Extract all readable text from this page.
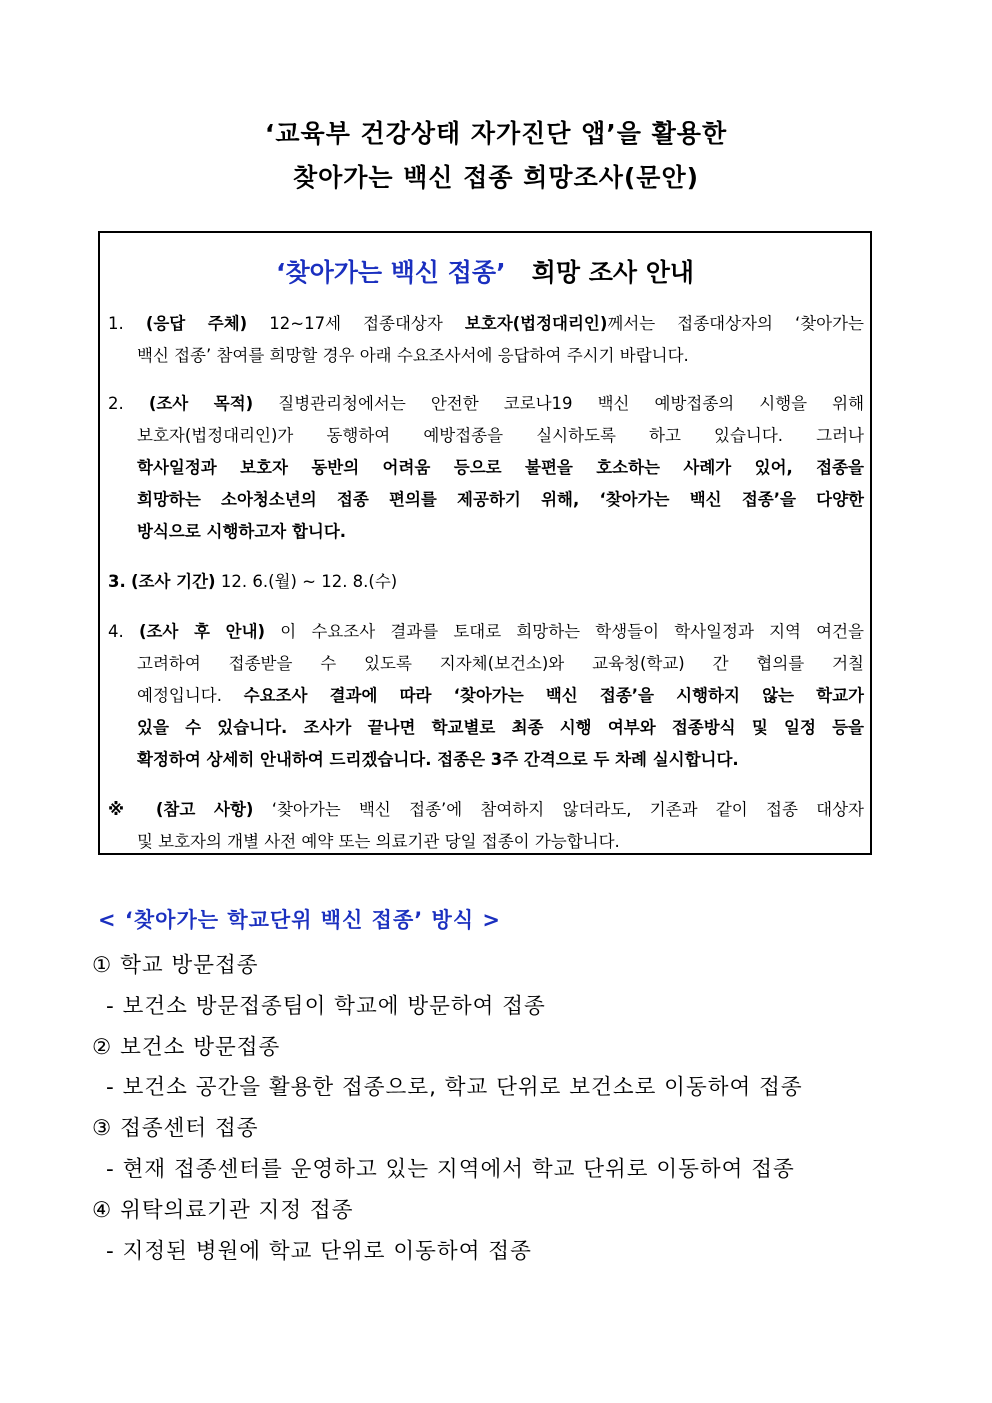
‘교육부 건강상태 자가진단 앱’을 활용한
찾아가는 백신 접종 희망조사(문안)
‘찾아가는 백신 접종’ 희망 조사 안내
1. (응답 주체) 12~17세 접종대상자 보호자(법정대리인)께서는 접종대상자의 ‘찾아가는
백신 접종’ 참여를 희망할 경우 아래 수요조사서에 응답하여 주시기 바랍니다.
2. (조사 목적) 질병관리청에서는 안전한 코로나19 백신 예방접종의 시행을 위해
보호자(법정대리인)가 동행하여 예방접종을 실시하도록 하고 있습니다. 그러나
학사일정과 보호자 동반의 어려움 등으로 불편을 호소하는 사례가 있어, 접종을
희망하는 소아청소년의 접종 편의를 제공하기 위해, ‘찾아가는 백신 접종’을 다양한
방식으로 시행하고자 합니다.
3. (조사 기간) 12. 6.(월) ~ 12. 8.(수)
4. (조사 후 안내) 이 수요조사 결과를 토대로 희망하는 학생들이 학사일정과 지역 여건을
고려하여 접종받을 수 있도록 지자체(보건소)와 교육청(학교) 간 협의를 거칠
예정입니다. 수요조사 결과에 따라 ‘찾아가는 백신 접종’을 시행하지 않는 학교가
있을 수 있습니다. 조사가 끝나면 학교별로 최종 시행 여부와 접종방식 및 일정 등을
확정하여 상세히 안내하여 드리겠습니다. 접종은 3주 간격으로 두 차례 실시합니다.
※ (참고 사항) ‘찾아가는 백신 접종’에 참여하지 않더라도, 기존과 같이 접종 대상자
및 보호자의 개별 사전 예약 또는 의료기관 당일 접종이 가능합니다.
< ‘찾아가는 학교단위 백신 접종’ 방식 >
① 학교 방문접종
- 보건소 방문접종팀이 학교에 방문하여 접종
② 보건소 방문접종
- 보건소 공간을 활용한 접종으로, 학교 단위로 보건소로 이동하여 접종
③ 접종센터 접종
- 현재 접종센터를 운영하고 있는 지역에서 학교 단위로 이동하여 접종
④ 위탁의료기관 지정 접종
- 지정된 병원에 학교 단위로 이동하여 접종
